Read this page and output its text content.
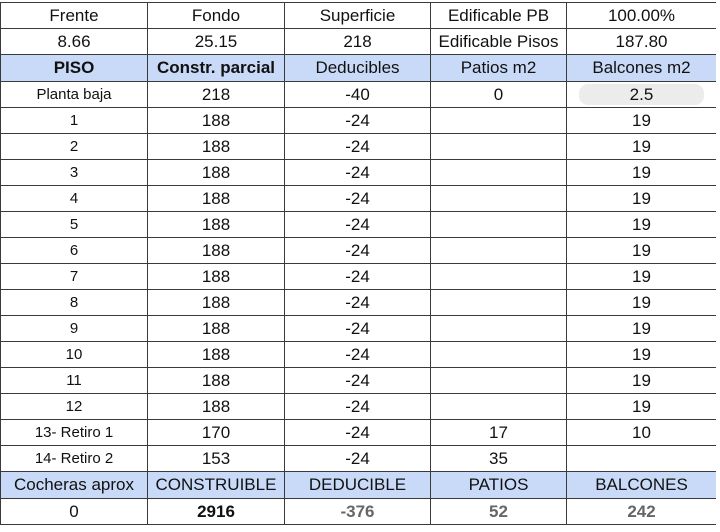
Frente	Fondo	Superficie	Edificable PB	100.00%
8.66	25.15	218	Edificable Pisos	187.80
PISO	Constr. parcial	Deducibles	Patios m2	Balcones m2
Planta baja	218	-40	0	2.5

1	188	-24		19
2	188	-24		19
3	188	-24		19
4	188	-24		19
5	188	-24		19
6	188	-24		19
7	188	-24		19
8	188	-24		19
9	188	-24		19
10	188	-24		19
11	188	-24		19
12	188	-24		19
13- Retiro 1	170	-24	17	10
14- Retiro 2	153	-24	35	
Cocheras aprox	CONSTRUIBLE	DEDUCIBLE	PATIOS	BALCONES
0	2916	-376	52	242
